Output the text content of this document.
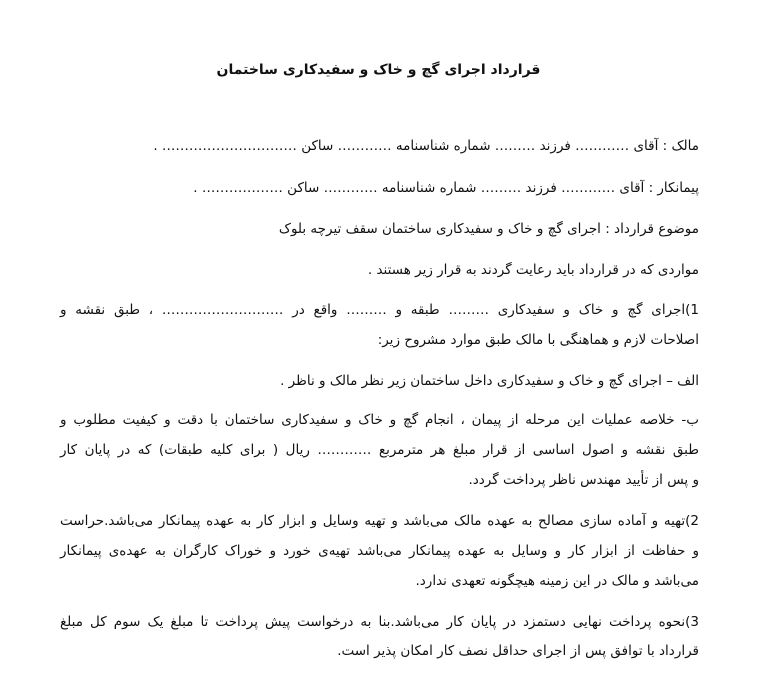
قرارداد اجرای گچ و خاک و سفیدکاری ساختمان
مالک : آقای ………… فرزند ……… شماره شناسنامه ………… ساکن ………………………… .
پیمانکار : آقای ………… فرزند ……… شماره شناسنامه ………… ساکن ……………… .
موضوع قرارداد : اجرای گچ و خاک و سفیدکاری ساختمان سقف تیرچه بلوک
مواردی که در قرارداد باید رعایت گردند به قرار زیر هستند .
1)اجرای گچ و خاک و سفیدکاری ……… طبقه و ……… واقع در ……………………… ، طبق نقشه و
اصلاحات لازم و هماهنگی با مالک طبق موارد مشروح زیر:
الف – اجرای گچ و خاک و سفیدکاری داخل ساختمان زیر نظر مالک و ناظر .
ب- خلاصه عملیات این مرحله از پیمان ، انجام گچ و خاک و سفیدکاری ساختمان با دقت و کیفیت مطلوب و
طبق نقشه و اصول اساسی از قرار مبلغ هر مترمربع ………… ریال ( برای کلیه طبقات) که در پایان کار
و پس از تأیید مهندس ناظر پرداخت گردد.
2)تهیه و آماده سازی مصالح به عهده مالک می‌باشد و تهیه وسایل و ابزار کار به عهده پیمانکار می‌باشد.حراست
و حفاظت از ابزار کار و وسایل به عهده پیمانکار می‌باشد تهیه‌ی خورد و خوراک کارگران به عهده‌ی پیمانکار
می‌باشد و مالک در این زمینه هیچگونه تعهدی ندارد.
3)نحوه پرداخت نهایی دستمزد در پایان کار می‌باشد.بنا به درخواست پیش پرداخت تا مبلغ یک سوم کل مبلغ
قرارداد با توافق پس از اجرای حداقل نصف کار امکان پذیر است.
